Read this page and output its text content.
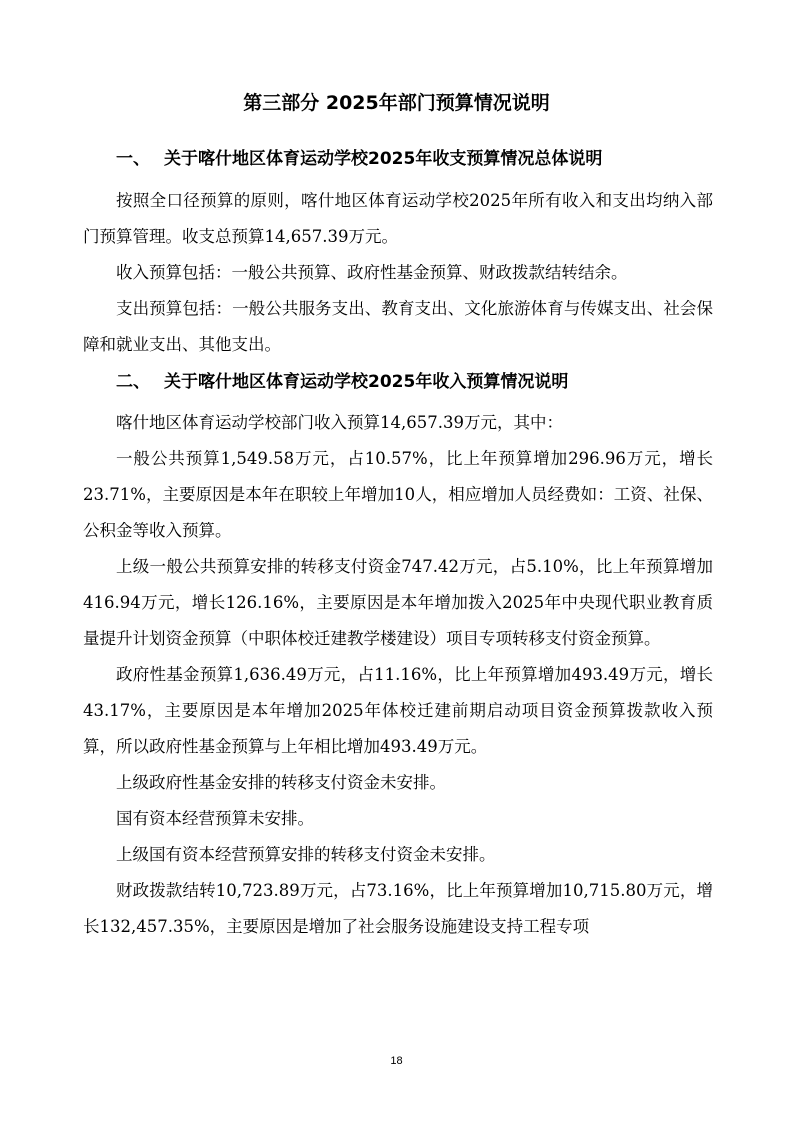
第三部分 2025年部门预算情况说明
一、 关于喀什地区体育运动学校2025年收支预算情况总体说明

按照全口径预算的原则，喀什地区体育运动学校2025年所有收入和支出均纳入部门预算管理。收支总预算14,657.39万元。

收入预算包括：一般公共预算、政府性基金预算、财政拨款结转结余。

支出预算包括：一般公共服务支出、教育支出、文化旅游体育与传媒支出、社会保障和就业支出、其他支出。

二、 关于喀什地区体育运动学校2025年收入预算情况说明

喀什地区体育运动学校部门收入预算14,657.39万元，其中：

一般公共预算1,549.58万元，占10.57%，比上年预算增加296.96万元，增长23.71%，主要原因是本年在职较上年增加10人，相应增加人员经费如：工资、社保、公积金等收入预算。

上级一般公共预算安排的转移支付资金747.42万元，占5.10%，比上年预算增加416.94万元，增长126.16%，主要原因是本年增加拨入2025年中央现代职业教育质量提升计划资金预算（中职体校迁建教学楼建设）项目专项转移支付资金预算。

政府性基金预算1,636.49万元，占11.16%，比上年预算增加493.49万元，增长43.17%，主要原因是本年增加2025年体校迁建前期启动项目资金预算拨款收入预算，所以政府性基金预算与上年相比增加493.49万元。

上级政府性基金安排的转移支付资金未安排。

国有资本经营预算未安排。

上级国有资本经营预算安排的转移支付资金未安排。

财政拨款结转10,723.89万元，占73.16%，比上年预算增加10,715.80万元，增长132,457.35%，主要原因是增加了社会服务设施建设支持工程专项

18
